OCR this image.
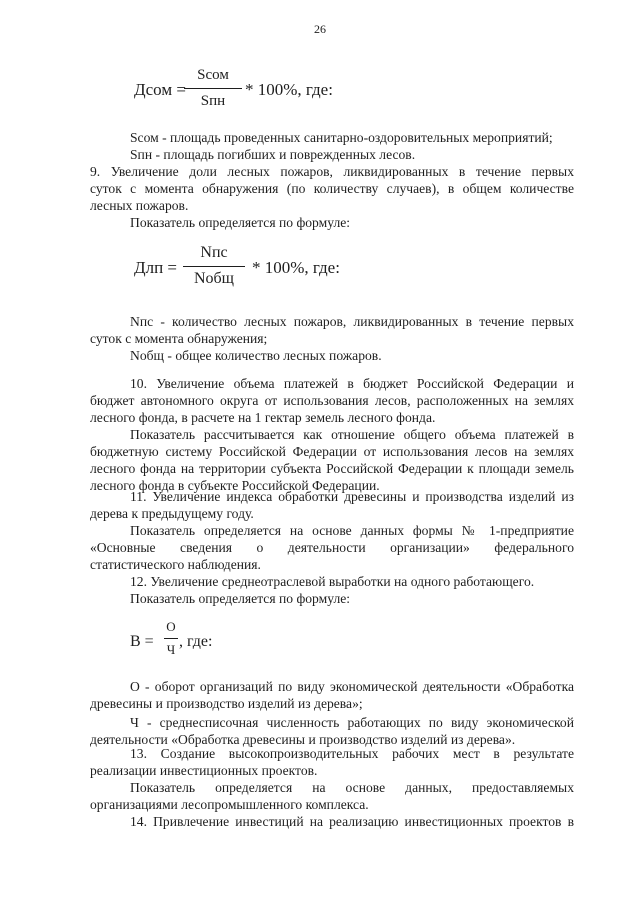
26
Дсом =
Sсом
Sпн
* 100%, где:

Sсом - площадь проведенных санитарно-оздоровительных мероприятий;

Sпн - площадь погибших и поврежденных лесов.

9. Увеличение доли лесных пожаров, ликвидированных в течение первых

суток с момента обнаружения (по количеству случаев), в общем количестве

лесных пожаров.

Показатель определяется по формуле:

Длп =
Nпс
Nобщ
* 100%, где:

Nпс - количество лесных пожаров, ликвидированных в течение первых

суток с момента обнаружения;

Nобщ - общее количество лесных пожаров.

10. Увеличение объема платежей в бюджет Российской Федерации и

бюджет автономного округа от использования лесов, расположенных на землях

лесного фонда, в расчете на 1 гектар земель лесного фонда.

Показатель рассчитывается как отношение общего объема платежей в

бюджетную систему Российской Федерации от использования лесов на землях

лесного фонда на территории субъекта Российской Федерации к площади земель

лесного фонда в субъекте Российской Федерации.

11. Увеличение индекса обработки древесины и производства изделий из

дерева к предыдущему году.

Показатель определяется на основе данных формы № 1-предприятие

«Основные сведения о деятельности организации» федерального

статистического наблюдения.

12. Увеличение среднеотраслевой выработки на одного работающего.

Показатель определяется по формуле:

В =
О
Ч , где:

О - оборот организаций по виду экономической деятельности «Обработка

древесины и производство изделий из дерева»;

Ч - среднесписочная численность работающих по виду экономической

деятельности «Обработка древесины и производство изделий из дерева».

13. Создание высокопроизводительных рабочих мест в результате

реализации инвестиционных проектов.

Показатель определяется на основе данных, предоставляемых

организациями лесопромышленного комплекса.

14. Привлечение инвестиций на реализацию инвестиционных проектов в
